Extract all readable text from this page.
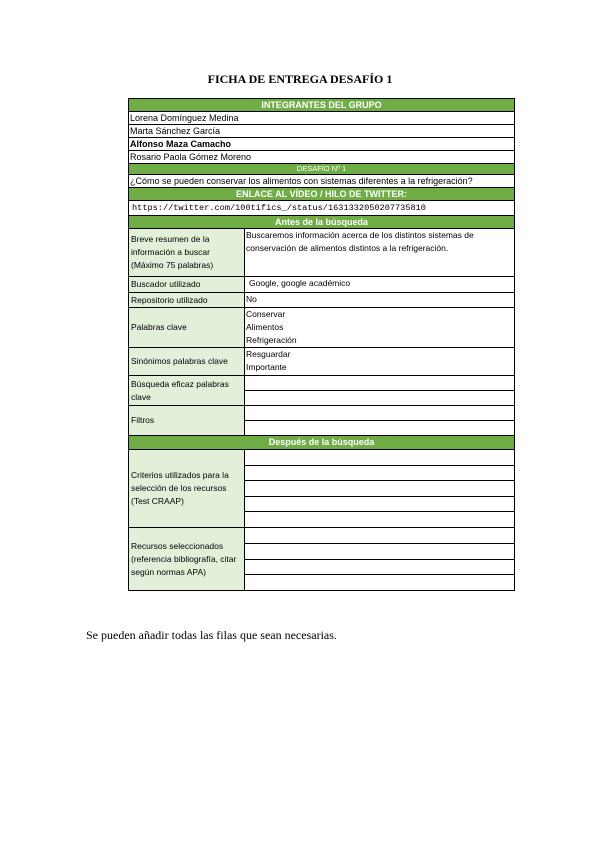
FICHA DE ENTREGA DESAFÍO 1
INTEGRANTES DEL GRUPO
Lorena Domínguez Medina
Marta Sánchez García
Alfonso Maza Camacho
Rosario Paola Gómez Moreno
DESAFÍO Nº 1
¿Cómo se pueden conservar los alimentos con sistemas diferentes a la refrigeración?
ENLACE AL VÍDEO / HILO DE TWITTER:
https://twitter.com/100tifics_/status/1631332050207735810
Antes de la búsqueda
Breve resumen de la información a buscar (Máximo 75 palabras)
Buscaremos información acerca de los distintos sistemas de conservación de alimentos distintos a la refrigeración.
Buscador utilizado	Google, google académico
Repositorio utilizado	No
Palabras clave
Conservar
Alimentos
Refrigeración
Sinónimos palabras clave
Resguardar
Importante
Búsqueda eficaz palabras clave
Filtros
Después de la búsqueda
Criterios utilizados para la selección de los recursos (Test CRAAP)
Recursos seleccionados (referencia bibliografía, citar según normas APA)
Se pueden añadir todas las filas que sean necesarias.
